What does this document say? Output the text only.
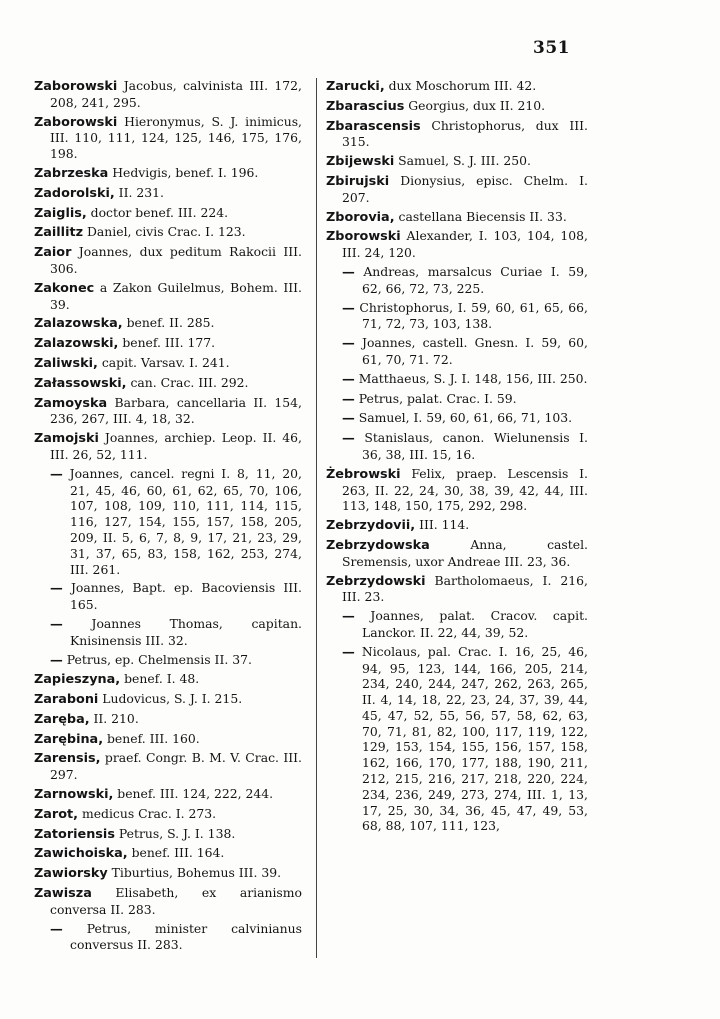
351

Zaborowski Jacobus, calvinista III. 172, 208, 241, 295.

Zaborowski Hieronymus, S. J. inimicus, III. 110, 111, 124, 125, 146, 175, 176, 198.

Zabrzeska Hedvigis, benef. I. 196.

Zadorolski, II. 231.

Zaiglis, doctor benef. III. 224.

Zaillitz Daniel, civis Crac. I. 123.

Zaior Joannes, dux peditum Rakocii III. 306.

Zakonec a Zakon Guilelmus, Bohem. III. 39.

Zalazowska, benef. II. 285.

Zalazowski, benef. III. 177.

Zaliwski, capit. Varsav. I. 241.

Załassowski, can. Crac. III. 292.

Zamoyska Barbara, cancellaria II. 154, 236, 267, III. 4, 18, 32.

Zamojski Joannes, archiep. Leop. II. 46, III. 26, 52, 111.

— Joannes, cancel. regni I. 8, 11, 20, 21, 45, 46, 60, 61, 62, 65, 70, 106, 107, 108, 109, 110, 111, 114, 115, 116, 127, 154, 155, 157, 158, 205, 209, II. 5, 6, 7, 8, 9, 17, 21, 23, 29, 31, 37, 65, 83, 158, 162, 253, 274, III. 261.

— Joannes, Bapt. ep. Bacoviensis III. 165.

— Joannes Thomas, capitan. Knisinensis III. 32.

— Petrus, ep. Chelmensis II. 37.

Zapieszyna, benef. I. 48.

Zaraboni Ludovicus, S. J. I. 215.

Zaręba, II. 210.

Zarębina, benef. III. 160.

Zarensis, praef. Congr. B. M. V. Crac. III. 297.

Zarnowski, benef. III. 124, 222, 244.

Zarot, medicus Crac. I. 273.

Zatoriensis Petrus, S. J. I. 138.

Zawichoiska, benef. III. 164.

Zawiorsky Tiburtius, Bohemus III. 39.

Zawisza Elisabeth, ex arianismo conversa II. 283.

— Petrus, minister calvinianus conversus II. 283.

Zarucki, dux Moschorum III. 42.

Zbarascius Georgius, dux II. 210.

Zbarascensis Christophorus, dux III. 315.

Zbijewski Samuel, S. J. III. 250.

Zbirujski Dionysius, episc. Chelm. I. 207.

Zborovia, castellana Biecensis II. 33.

Zborowski Alexander, I. 103, 104, 108, III. 24, 120.

— Andreas, marsalcus Curiae I. 59, 62, 66, 72, 73, 225.

— Christophorus, I. 59, 60, 61, 65, 66, 71, 72, 73, 103, 138.

— Joannes, castell. Gnesn. I. 59, 60, 61, 70, 71. 72.

— Matthaeus, S. J. I. 148, 156, III. 250.

— Petrus, palat. Crac. I. 59.

— Samuel, I. 59, 60, 61, 66, 71, 103.

— Stanislaus, canon. Wielunensis I. 36, 38, III. 15, 16.

Żebrowski Felix, praep. Lescensis I. 263, II. 22, 24, 30, 38, 39, 42, 44, III. 113, 148, 150, 175, 292, 298.

Zebrzydovii, III. 114.

Zebrzydowska Anna, castel. Sremensis, uxor Andreae III. 23, 36.

Zebrzydowski Bartholomaeus, I. 216, III. 23.

— Joannes, palat. Cracov. capit. Lanckor. II. 22, 44, 39, 52.

— Nicolaus, pal. Crac. I. 16, 25, 46, 94, 95, 123, 144, 166, 205, 214, 234, 240, 244, 247, 262, 263, 265, II. 4, 14, 18, 22, 23, 24, 37, 39, 44, 45, 47, 52, 55, 56, 57, 58, 62, 63, 70, 71, 81, 82, 100, 117, 119, 122, 129, 153, 154, 155, 156, 157, 158, 162, 166, 170, 177, 188, 190, 211, 212, 215, 216, 217, 218, 220, 224, 234, 236, 249, 273, 274, III. 1, 13, 17, 25, 30, 34, 36, 45, 47, 49, 53, 68, 88, 107, 111, 123,
